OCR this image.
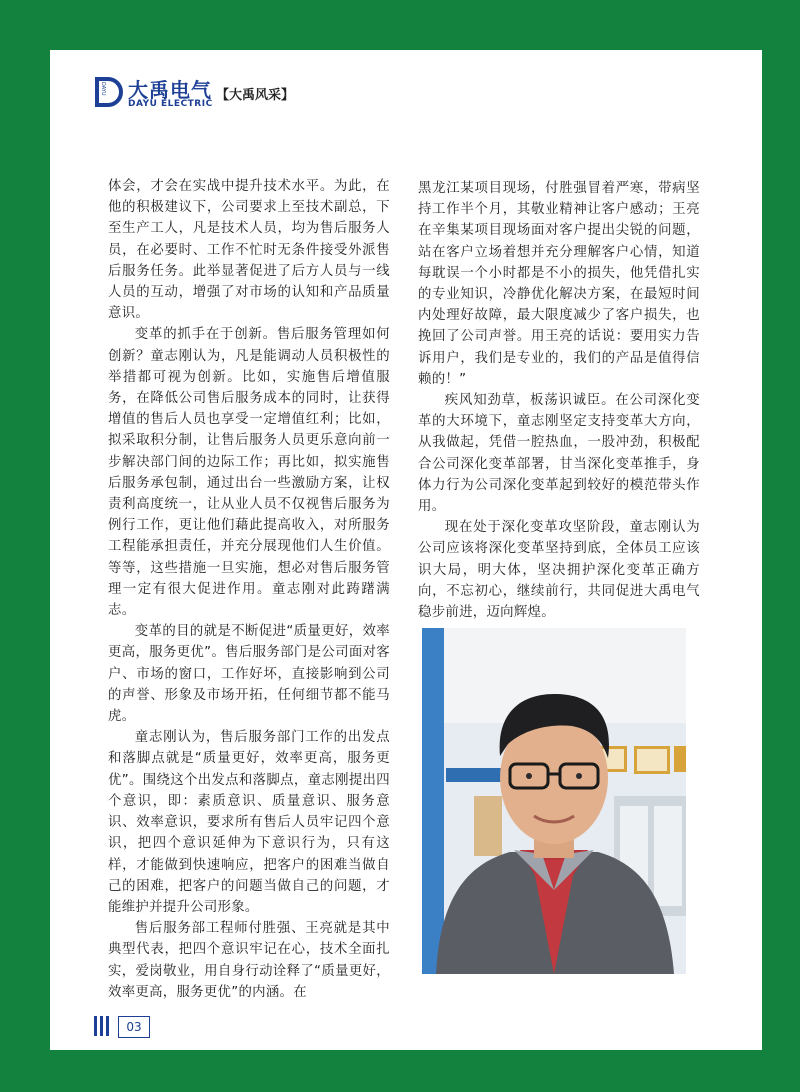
DAYU 大禹电气
DAYU ELECTRIC
【大禹风采】

体会，才会在实战中提升技术水平。为此，在他的积极建议下，公司要求上至技术副总，下至生产工人，凡是技术人员，均为售后服务人员，在必要时、工作不忙时无条件接受外派售后服务任务。此举显著促进了后方人员与一线人员的互动，增强了对市场的认知和产品质量意识。

变革的抓手在于创新。售后服务管理如何创新？童志刚认为，凡是能调动人员积极性的举措都可视为创新。比如，实施售后增值服务，在降低公司售后服务成本的同时，让获得增值的售后人员也享受一定增值红利；比如，拟采取积分制，让售后服务人员更乐意向前一步解决部门间的边际工作；再比如，拟实施售后服务承包制，通过出台一些激励方案，让权责利高度统一，让从业人员不仅视售后服务为例行工作，更让他们藉此提高收入，对所服务工程能承担责任，并充分展现他们人生价值。等等，这些措施一旦实施，想必对售后服务管理一定有很大促进作用。童志刚对此踌躇满志。

变革的目的就是不断促进“质量更好，效率更高，服务更优”。售后服务部门是公司面对客户、市场的窗口，工作好坏，直接影响到公司的声誉、形象及市场开拓，任何细节都不能马虎。

童志刚认为，售后服务部门工作的出发点和落脚点就是“质量更好，效率更高，服务更优”。围绕这个出发点和落脚点，童志刚提出四个意识，即：素质意识、质量意识、服务意识、效率意识，要求所有售后人员牢记四个意识，把四个意识延伸为下意识行为，只有这样，才能做到快速响应，把客户的困难当做自己的困难，把客户的问题当做自己的问题，才能维护并提升公司形象。

售后服务部工程师付胜强、王亮就是其中典型代表，把四个意识牢记在心，技术全面扎实，爱岗敬业，用自身行动诠释了“质量更好，效率更高，服务更优”的内涵。在

黑龙江某项目现场，付胜强冒着严寒，带病坚持工作半个月，其敬业精神让客户感动；王亮在辛集某项目现场面对客户提出尖锐的问题，站在客户立场着想并充分理解客户心情，知道每耽误一个小时都是不小的损失，他凭借扎实的专业知识，冷静优化解决方案，在最短时间内处理好故障，最大限度减少了客户损失，也挽回了公司声誉。用王亮的话说：要用实力告诉用户，我们是专业的，我们的产品是值得信赖的！”

疾风知劲草，板荡识诚臣。在公司深化变革的大环境下，童志刚坚定支持变革大方向，从我做起，凭借一腔热血，一股冲劲，积极配合公司深化变革部署，甘当深化变革推手，身体力行为公司深化变革起到较好的模范带头作用。

现在处于深化变革攻坚阶段，童志刚认为公司应该将深化变革坚持到底，全体员工应该识大局，明大体，坚决拥护深化变革正确方向，不忘初心，继续前行，共同促进大禹电气稳步前进，迈向辉煌。

03
